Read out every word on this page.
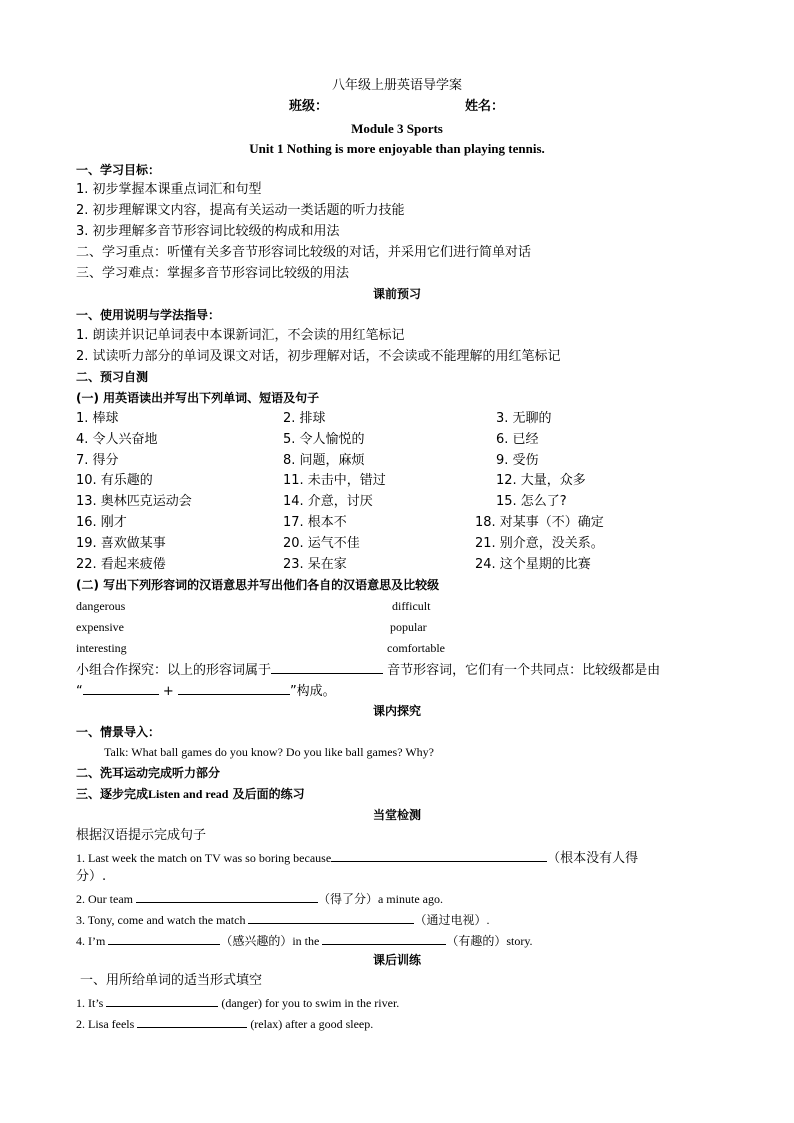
八年级上册英语导学案
班级：	姓名：
Module 3 Sports
Unit 1 Nothing is more enjoyable than playing tennis.
一、学习目标：
1. 初步掌握本课重点词汇和句型
2. 初步理解课文内容，提高有关运动一类话题的听力技能
3. 初步理解多音节形容词比较级的构成和用法
二、学习重点：听懂有关多音节形容词比较级的对话，并采用它们进行简单对话
三、学习难点：掌握多音节形容词比较级的用法
课前预习
一、使用说明与学法指导：
1. 朗读并识记单词表中本课新词汇，不会读的用红笔标记
2. 试读听力部分的单词及课文对话，初步理解对话，不会读或不能理解的用红笔标记
二、预习自测
(一) 用英语读出并写出下列单词、短语及句子
1. 棒球	2. 排球	3. 无聊的
4. 令人兴奋地	5. 令人愉悦的	6. 已经
7. 得分	8. 问题，麻烦	9. 受伤
10. 有乐趣的	11. 未击中，错过	12. 大量，众多
13. 奥林匹克运动会	14. 介意，讨厌	15. 怎么了?
16. 刚才	17. 根本不	18. 对某事（不）确定
19. 喜欢做某事	20. 运气不佳	21. 别介意，没关系。
22. 看起来疲倦	23. 呆在家	24. 这个星期的比赛
(二) 写出下列形容词的汉语意思并写出他们各自的汉语意思及比较级
dangerous	difficult
expensive	popular
interesting	comfortable
小组合作探究：以上的形容词属于	音节形容词，它们有一个共同点：比较级都是由
“	+	”构成。
课内探究
一、情景导入：
Talk: What ball games do you know? Do you like ball games? Why?
二、洗耳运动完成听力部分
三、逐步完成Listen and read 及后面的练习
当堂检测
根据汉语提示完成句子
1. Last week the match on TV was so boring because	（根本没有人得
分）.
2. Our team	（得了分）a minute ago.
3. Tony, come and watch the match	（通过电视）.
4. I’m	（感兴趣的）in the	（有趣的）story.
课后训练
一、用所给单词的适当形式填空
1. It’s	(danger) for you to swim in the river.
2. Lisa feels	(relax) after a good sleep.
